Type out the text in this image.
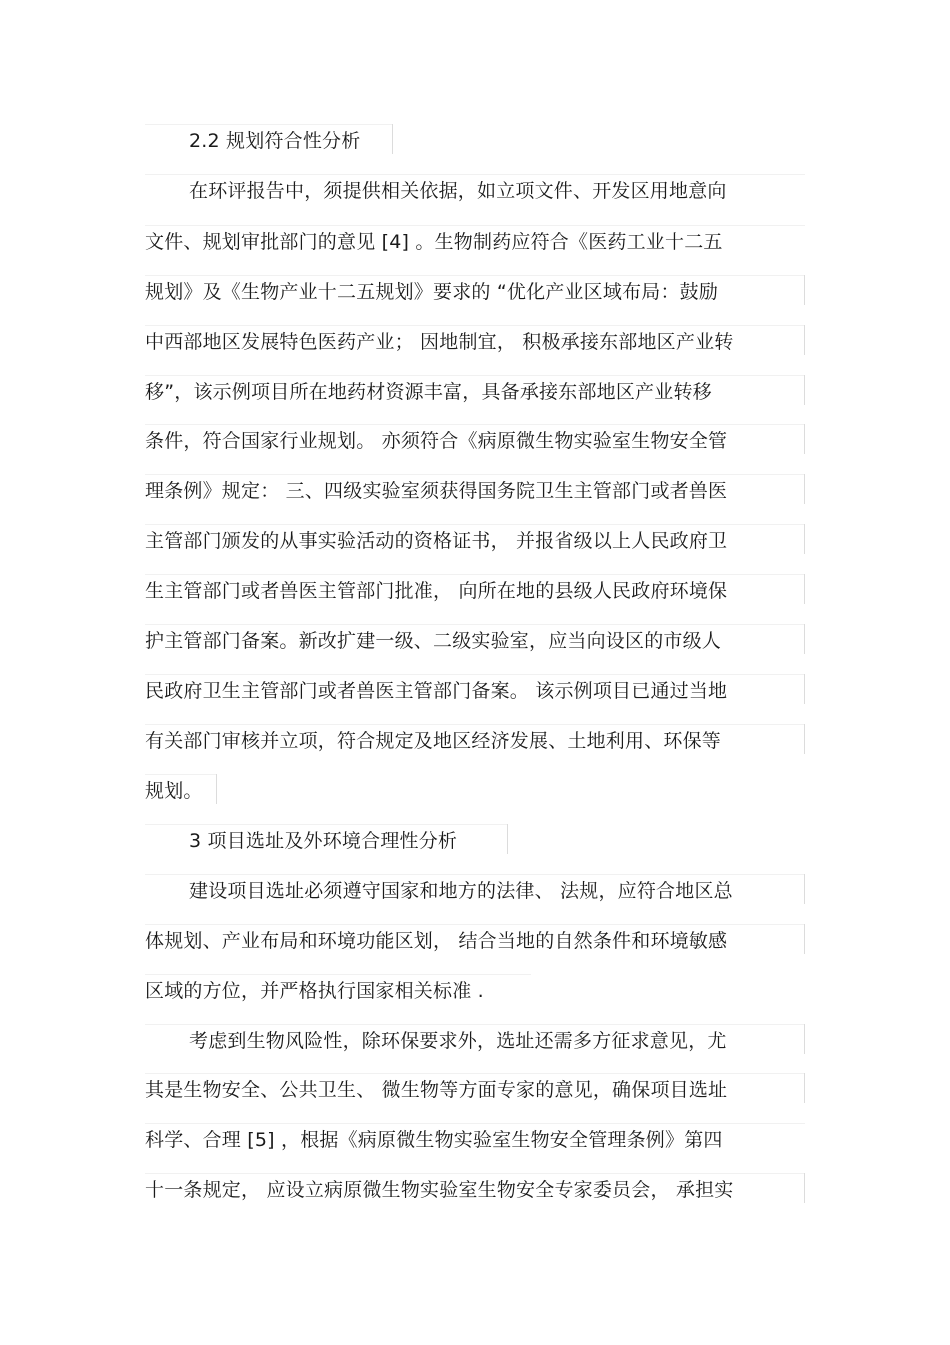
2.2 规划符合性分析
在环评报告中，须提供相关依据，如立项文件、开发区用地意向
文件、规划审批部门的意见 [4] 。生物制药应符合《医药工业十二五
规划》及《生物产业十二五规划》要求的 “优化产业区域布局：鼓励
中西部地区发展特色医药产业； 因地制宜， 积极承接东部地区产业转
移”，该示例项目所在地药材资源丰富，具备承接东部地区产业转移
条件，符合国家行业规划。 亦须符合《病原微生物实验室生物安全管
理条例》规定： 三、四级实验室须获得国务院卫生主管部门或者兽医
主管部门颁发的从事实验活动的资格证书， 并报省级以上人民政府卫
生主管部门或者兽医主管部门批准， 向所在地的县级人民政府环境保
护主管部门备案。新改扩建一级、二级实验室，应当向设区的市级人
民政府卫生主管部门或者兽医主管部门备案。 该示例项目已通过当地
有关部门审核并立项，符合规定及地区经济发展、土地利用、环保等
规划。
3 项目选址及外环境合理性分析
建设项目选址必须遵守国家和地方的法律、 法规，应符合地区总
体规划、产业布局和环境功能区划， 结合当地的自然条件和环境敏感
区域的方位，并严格执行国家相关标准 .
考虑到生物风险性，除环保要求外，选址还需多方征求意见，尤
其是生物安全、公共卫生、 微生物等方面专家的意见，确保项目选址
科学、合理 [5] ，根据《病原微生物实验室生物安全管理条例》第四
十一条规定， 应设立病原微生物实验室生物安全专家委员会， 承担实
